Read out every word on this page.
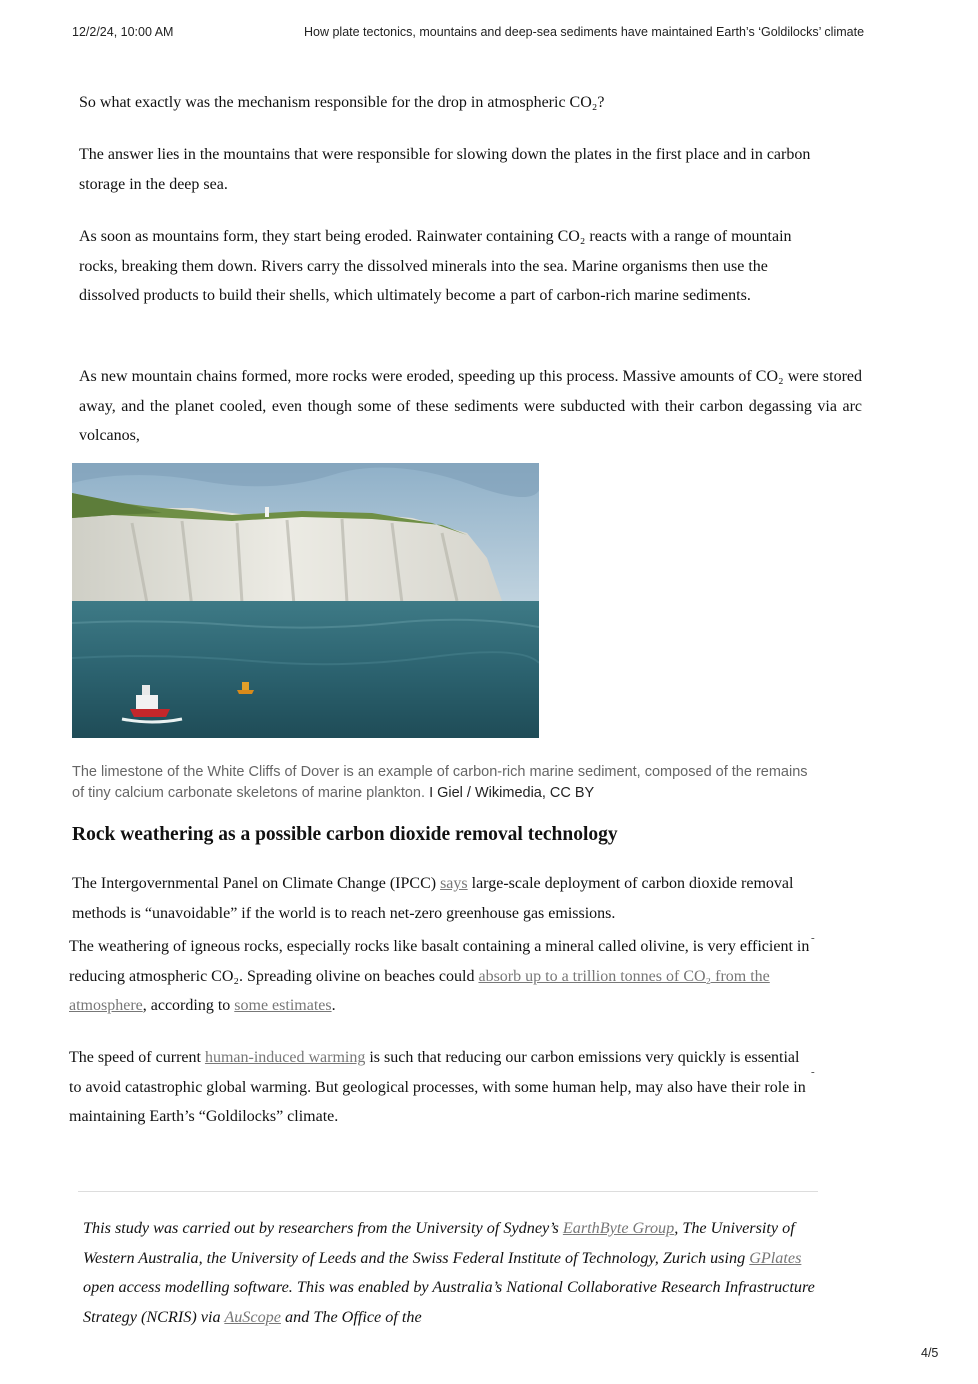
12/2/24, 10:00 AM	How plate tectonics, mountains and deep-sea sediments have maintained Earth’s ‘Goldilocks’ climate

So what exactly was the mechanism responsible for the drop in atmospheric CO₂?

The answer lies in the mountains that were responsible for slowing down the plates in the first place and in carbon storage in the deep sea.

As soon as mountains form, they start being eroded. Rainwater containing CO₂ reacts with a range of mountain rocks, breaking them down. Rivers carry the dissolved minerals into the sea. Marine organisms then use the dissolved products to build their shells, which ultimately become a part of carbon-rich marine sediments.

As new mountain chains formed, more rocks were eroded, speeding up this process. Massive amounts of CO₂ were stored away, and the planet cooled, even though some of these sediments were subducted with their carbon degassing via arc volcanos,

The limestone of the White Cliffs of Dover is an example of carbon-rich marine sediment, composed of the remains of tiny calcium carbonate skeletons of marine plankton. I Giel / Wikimedia, CC BY
Rock weathering as a possible carbon dioxide removal technology

The Intergovernmental Panel on Climate Change (IPCC) says large-scale deployment of carbon dioxide removal methods is “unavoidable” if the world is to reach net-zero greenhouse gas emissions.

The weathering of igneous rocks, especially rocks like basalt containing a mineral called olivine, is very efficient in reducing atmospheric CO₂. Spreading olivine on beaches could absorb up to a trillion tonnes of CO₂ from the atmosphere, according to some estimates.

-

The speed of current human-induced warming is such that reducing our carbon emissions very quickly is essential to avoid catastrophic global warming. But geological processes, with some human help, may also have their role in maintaining Earth’s “Goldilocks” climate.

-

This study was carried out by researchers from the University of Sydney’s EarthByte Group, The University of Western Australia, the University of Leeds and the Swiss Federal Institute of Technology, Zurich using GPlates open access modelling software. This was enabled by Australia’s National Collaborative Research Infrastructure Strategy (NCRIS) via AuScope and The Office of the

4/5
